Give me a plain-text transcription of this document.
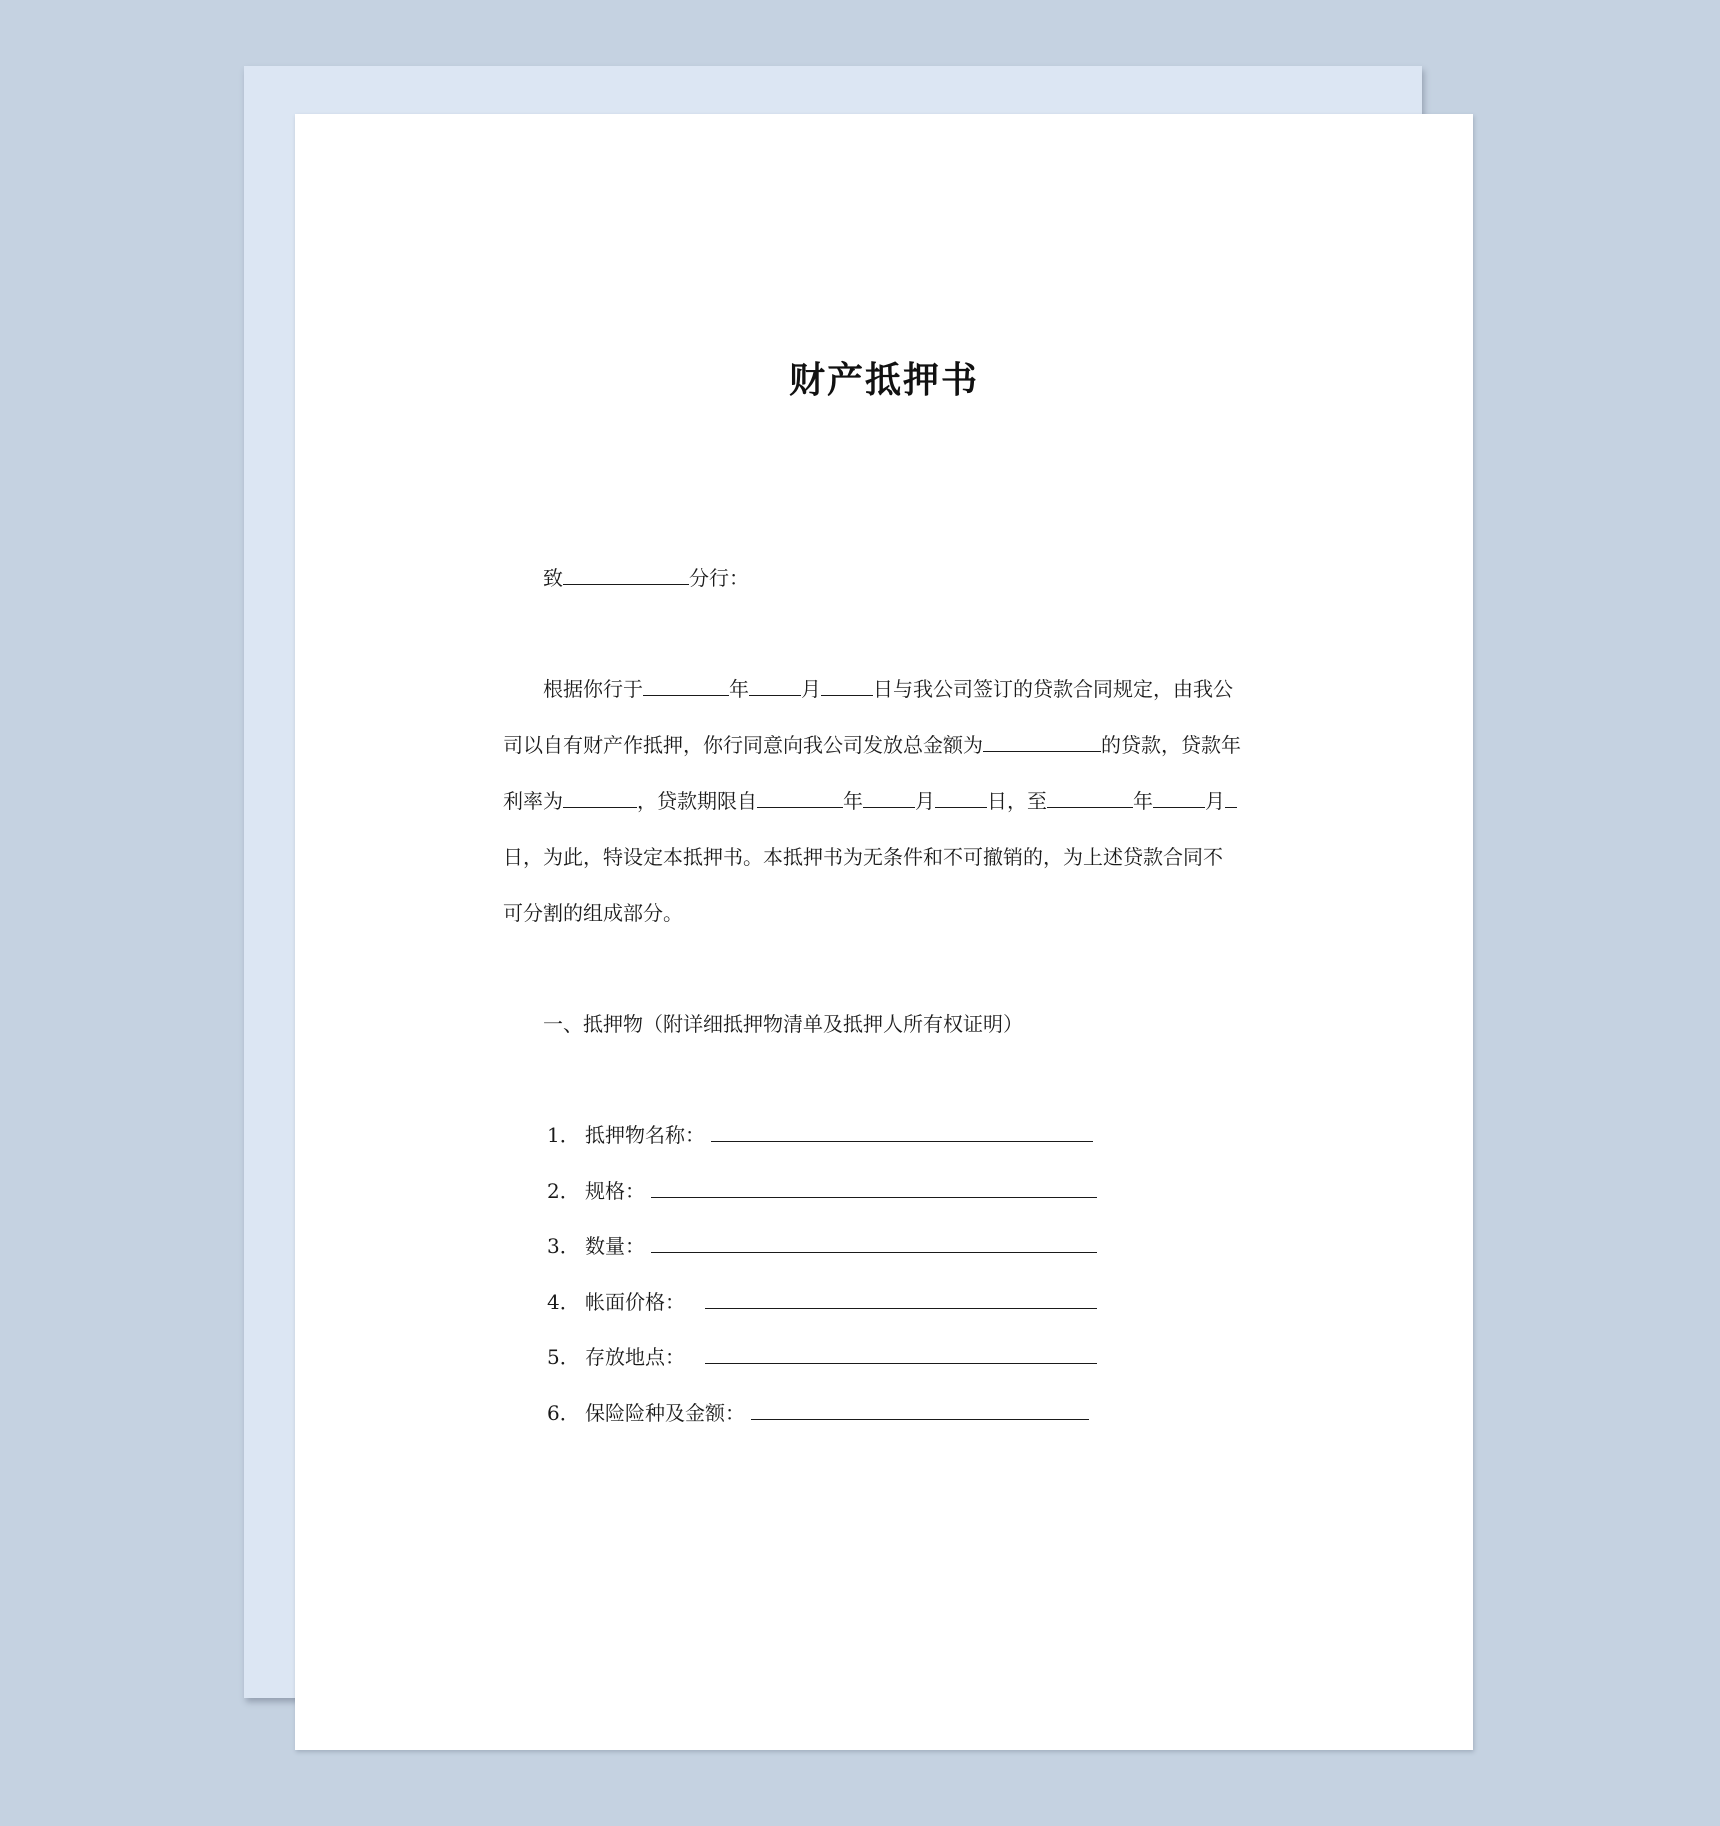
财产抵押书
致	分行：
根据你行于	年	月	日与我公司签订的贷款合同规定，由我公
司以自有财产作抵押，你行同意向我公司发放总金额为	的贷款，贷款年
利率为	，贷款期限自	年	月	日，至	年	月
日，为此，特设定本抵押书。本抵押书为无条件和不可撤销的，为上述贷款合同不
可分割的组成部分。
一、抵押物（附详细抵押物清单及抵押人所有权证明）
1． 抵押物名称：
2． 规格：
3． 数量：
4． 帐面价格：
5． 存放地点：
6． 保险险种及金额：
